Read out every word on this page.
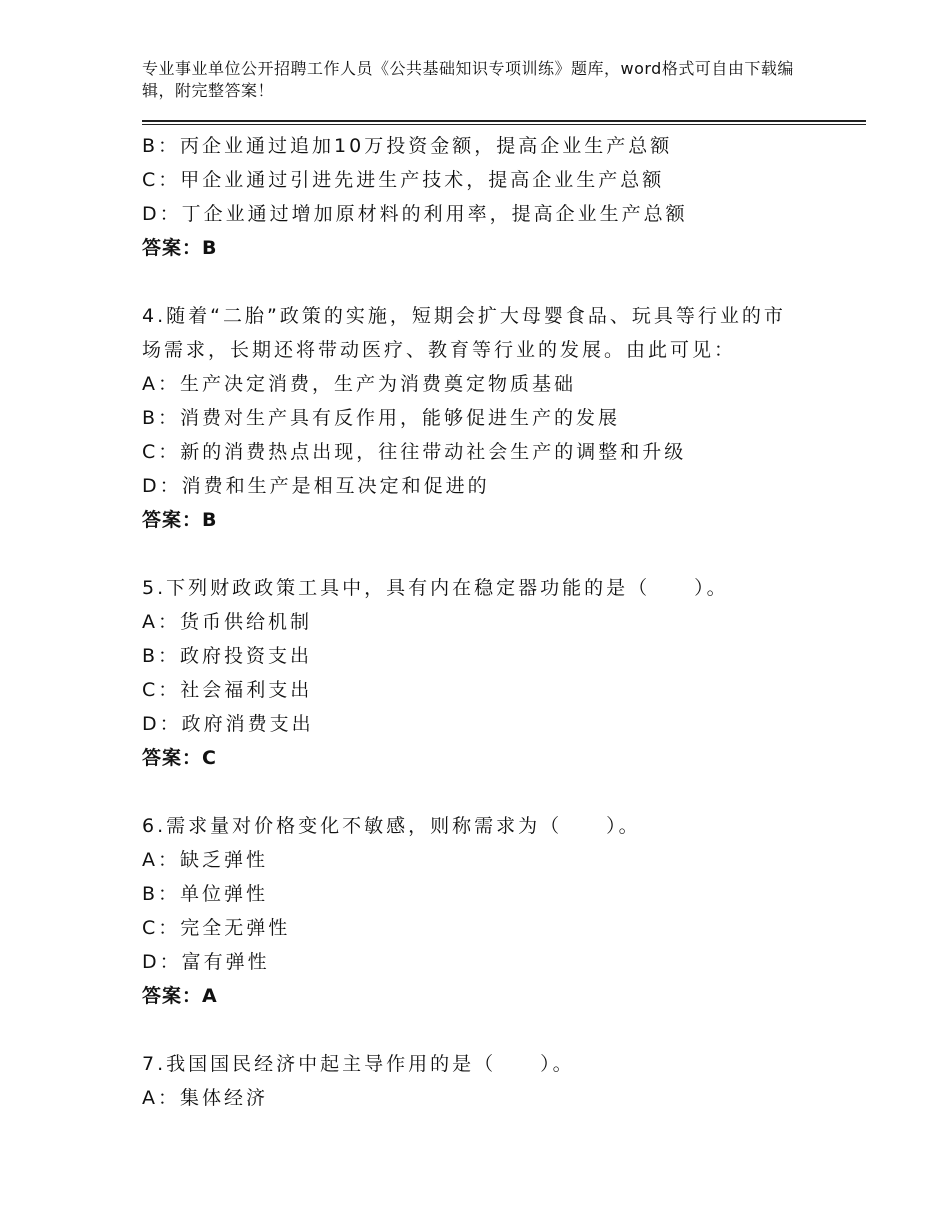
专业事业单位公开招聘工作人员《公共基础知识专项训练》题库，word格式可自由下载编辑，附完整答案！
B：丙企业通过追加10万投资金额，提高企业生产总额
C：甲企业通过引进先进生产技术，提高企业生产总额
D：丁企业通过增加原材料的利用率，提高企业生产总额
答案：B
4.随着“二胎”政策的实施，短期会扩大母婴食品、玩具等行业的市
场需求，长期还将带动医疗、教育等行业的发展。由此可见：
A：生产决定消费，生产为消费奠定物质基础
B：消费对生产具有反作用，能够促进生产的发展
C：新的消费热点出现，往往带动社会生产的调整和升级
D：消费和生产是相互决定和促进的
答案：B
5.下列财政政策工具中，具有内在稳定器功能的是（　　）。
A：货币供给机制
B：政府投资支出
C：社会福利支出
D：政府消费支出
答案：C
6.需求量对价格变化不敏感，则称需求为（　　）。
A：缺乏弹性
B：单位弹性
C：完全无弹性
D：富有弹性
答案：A
7.我国国民经济中起主导作用的是（　　）。
A：集体经济
